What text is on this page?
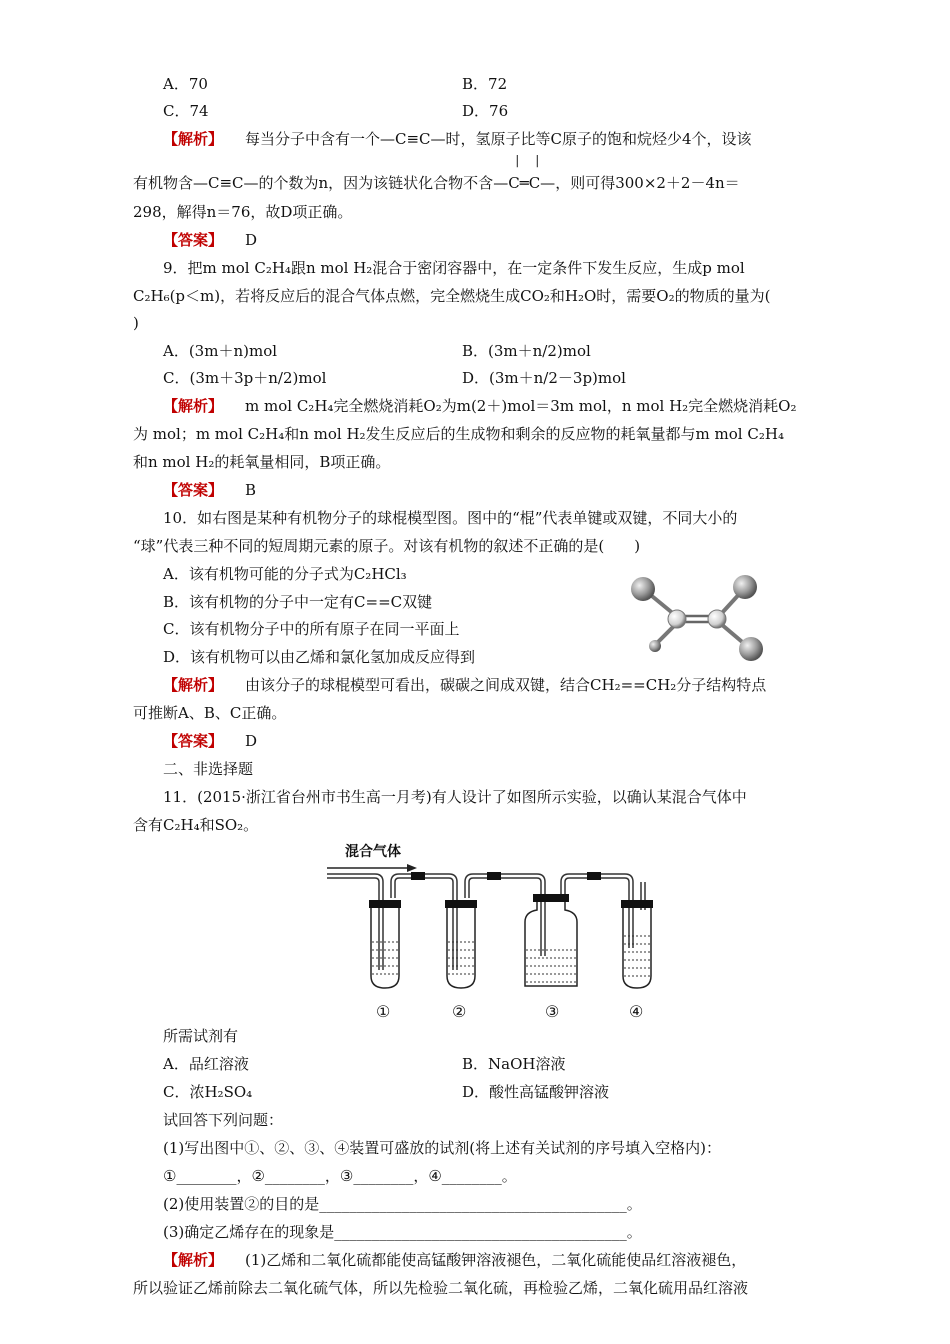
A．70	B．72
C．74	D．76
【解析】 每当分子中含有一个—C≡C—时，氢原子比等C原子的饱和烷烃少4个，设该
有机物含—C≡C—的个数为n，因为该链状化合物不含
| |
—C═C—，则可得300×2＋2－4n＝
298，解得n＝76，故D项正确。
【答案】 D
9．把m mol C₂H₄跟n mol H₂混合于密闭容器中，在一定条件下发生反应，生成p mol
C₂H₆(p＜m)，若将反应后的混合气体点燃，完全燃烧生成CO₂和H₂O时，需要O₂的物质的量为(
)
A．(3m＋n)mol	B．(3m＋n/2)mol
C．(3m＋3p＋n/2)mol	D．(3m＋n/2－3p)mol
【解析】 m mol C₂H₄完全燃烧消耗O₂为m(2＋)mol＝3m mol，n mol H₂完全燃烧消耗O₂
为 mol；m mol C₂H₄和n mol H₂发生反应后的生成物和剩余的反应物的耗氧量都与m mol C₂H₄
和n mol H₂的耗氧量相同，B项正确。
【答案】 B
10．如右图是某种有机物分子的球棍模型图。图中的“棍”代表单键或双键，不同大小的
“球”代表三种不同的短周期元素的原子。对该有机物的叙述不正确的是(　　)
A．该有机物可能的分子式为C₂HCl₃
B．该有机物的分子中一定有C==C双键
C．该有机物分子中的所有原子在同一平面上
D．该有机物可以由乙烯和氯化氢加成反应得到
【解析】 由该分子的球棍模型可看出，碳碳之间成双键，结合CH₂==CH₂分子结构特点
可推断A、B、C正确。
【答案】 D
二、非选择题
11．(2015·浙江省台州市书生高一月考)有人设计了如图所示实验，以确认某混合气体中
含有C₂H₄和SO₂。
混合气体
①	②	③	④
所需试剂有
A．品红溶液	B．NaOH溶液
C．浓H₂SO₄	D．酸性高锰酸钾溶液
试回答下列问题：
(1)写出图中①、②、③、④装置可盛放的试剂(将上述有关试剂的序号填入空格内)：
①________，②________，③________，④________。
(2)使用装置②的目的是_________________________________________。
(3)确定乙烯存在的现象是_______________________________________。
【解析】 (1)乙烯和二氧化硫都能使高锰酸钾溶液褪色，二氧化硫能使品红溶液褪色，
所以验证乙烯前除去二氧化硫气体，所以先检验二氧化硫，再检验乙烯，二氧化硫用品红溶液
